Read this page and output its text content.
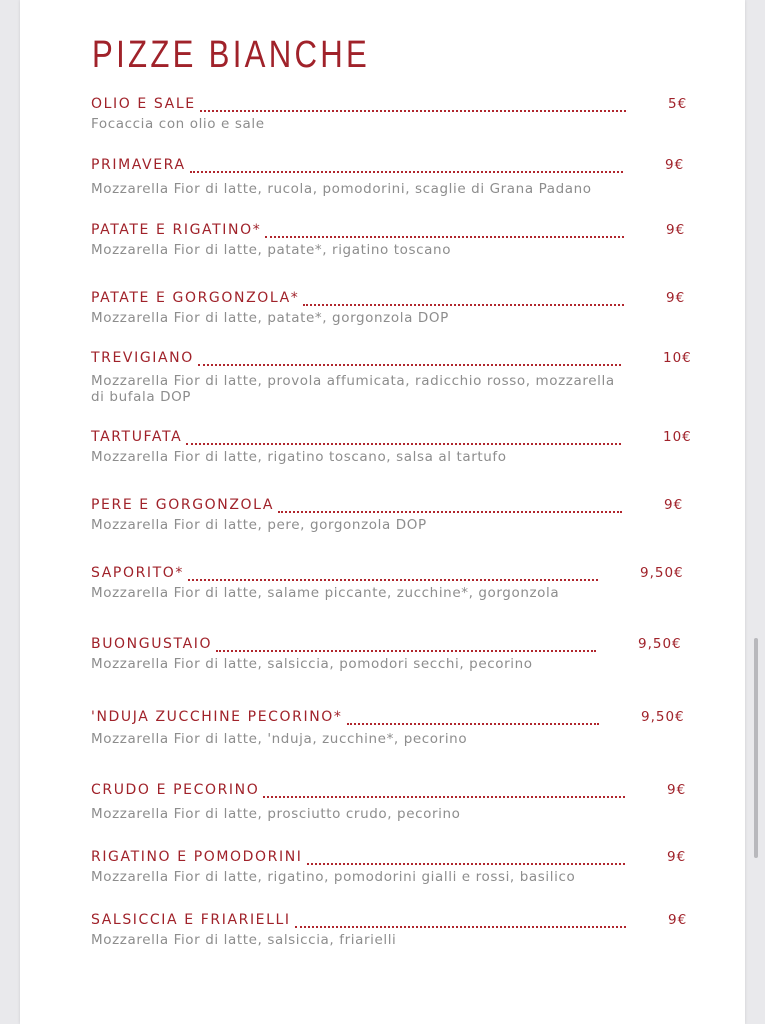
PIZZE BIANCHE
OLIO E SALE	5€
Focaccia con olio e sale
PRIMAVERA	9€
Mozzarella Fior di latte, rucola, pomodorini, scaglie di Grana Padano
PATATE E RIGATINO*	9€
Mozzarella Fior di latte, patate*, rigatino toscano
PATATE E GORGONZOLA*	9€
Mozzarella Fior di latte, patate*, gorgonzola DOP
TREVIGIANO	10€
Mozzarella Fior di latte, provola affumicata, radicchio rosso, mozzarella di bufala DOP
TARTUFATA	10€
Mozzarella Fior di latte, rigatino toscano, salsa al tartufo
PERE E GORGONZOLA	9€
Mozzarella Fior di latte, pere, gorgonzola DOP
SAPORITO*	9,50€
Mozzarella Fior di latte, salame piccante, zucchine*, gorgonzola
BUONGUSTAIO	9,50€
Mozzarella Fior di latte, salsiccia, pomodori secchi, pecorino
'NDUJA ZUCCHINE PECORINO*	9,50€
Mozzarella Fior di latte, 'nduja, zucchine*, pecorino
CRUDO E PECORINO	9€
Mozzarella Fior di latte, prosciutto crudo, pecorino
RIGATINO E POMODORINI	9€
Mozzarella Fior di latte, rigatino, pomodorini gialli e rossi, basilico
SALSICCIA E FRIARIELLI	9€
Mozzarella Fior di latte, salsiccia, friarielli
